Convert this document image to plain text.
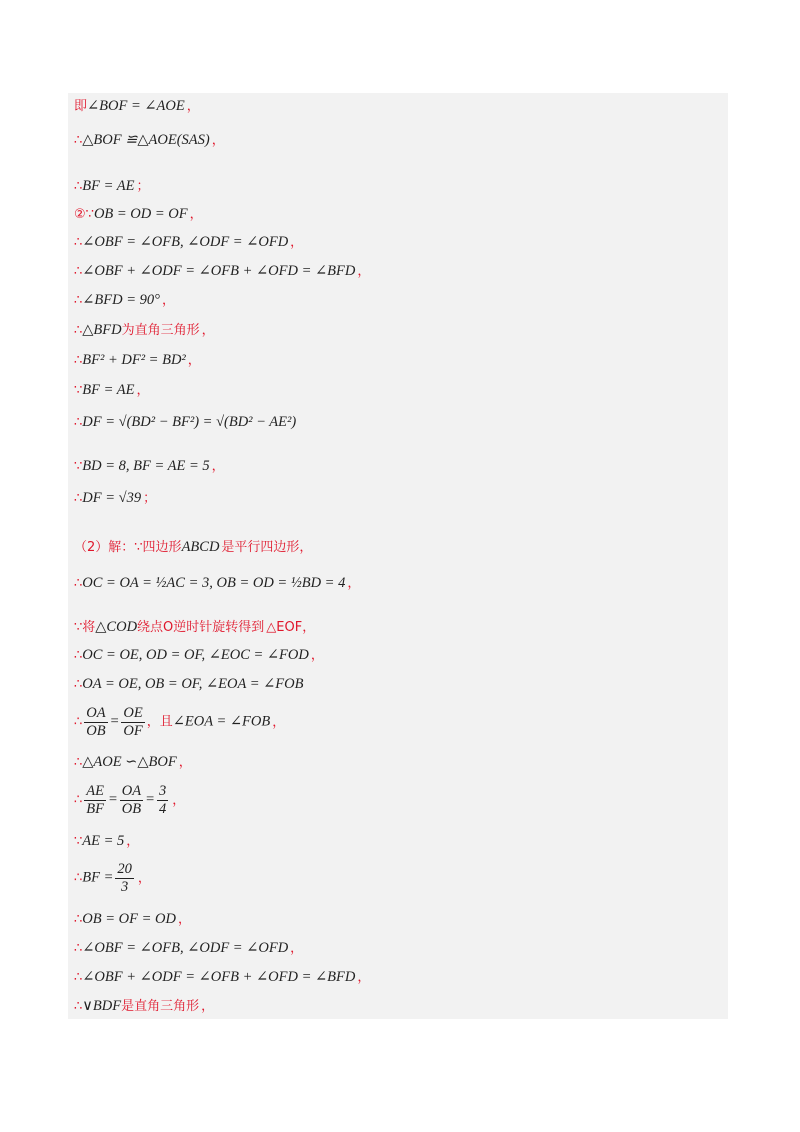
即∠BOF = ∠AOE ，
∴△BOF ≌△AOE(SAS) ，
∴BF = AE ；
②∵OB = OD = OF ，
∴∠OBF = ∠OFB, ∠ODF = ∠OFD ，
∴∠OBF + ∠ODF = ∠OFB + ∠OFD = ∠BFD ，
∴∠BFD = 90° ，
∴△BFD为直角三角形 ，
∴BF² + DF² = BD² ，
∵BF = AE ，
∴DF = √(BD² − BF²) = √(BD² − AE²)
∵BD = 8, BF = AE = 5 ，
∴DF = √39 ；
（2）解：∵四边形ABCD 是平行四边形，
∴OC = OA = ½AC = 3, OB = OD = ½BD = 4 ，
∵将△COD绕点O逆时针旋转得到 △EOF，
∴OC = OE, OD = OF, ∠EOC = ∠FOD ，
∴OA = OE, OB = OF, ∠EOA = ∠FOB
∴ $\frac{OA}{OB} = \frac{OE}{OF}$ ，且∠EOA = ∠FOB ，
∴△AOE ∽△BOF ，
∴ $\frac{AE}{BF} = \frac{OA}{OB} = \frac{3}{4}$ ，
∵AE = 5 ，
∴BF = $\frac{20}{3}$ ，
∴OB = OF = OD ，
∴∠OBF = ∠OFB, ∠ODF = ∠OFD ，
∴∠OBF + ∠ODF = ∠OFB + ∠OFD = ∠BFD ，
∴∨BDF是直角三角形 ，
